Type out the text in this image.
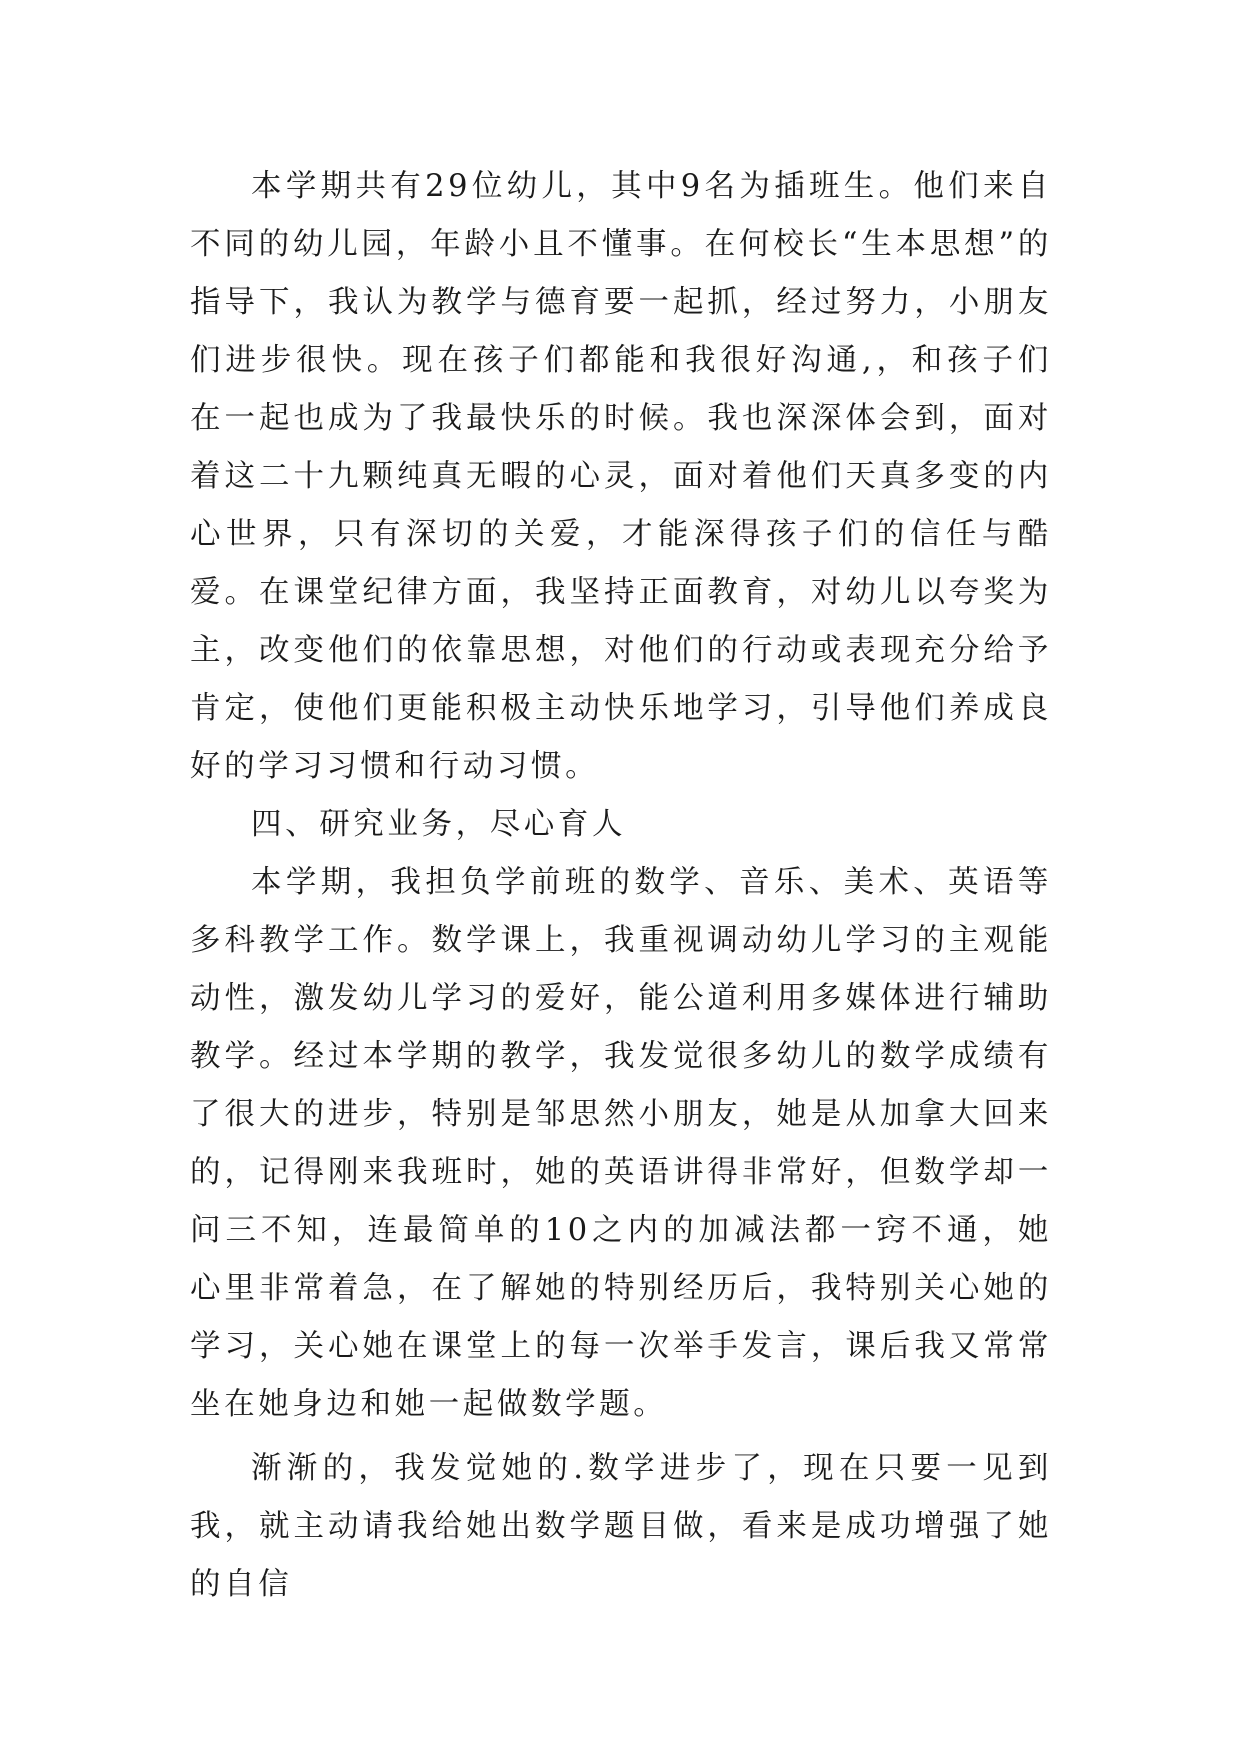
本学期共有29位幼儿，其中9名为插班生。他们来自不同的幼儿园，年龄小且不懂事。在何校长“生本思想”的指导下，我认为教学与德育要一起抓，经过努力，小朋友们进步很快。现在孩子们都能和我很好沟通,，和孩子们在一起也成为了我最快乐的时候。我也深深体会到，面对着这二十九颗纯真无暇的心灵，面对着他们天真多变的内心世界，只有深切的关爱，才能深得孩子们的信任与酷爱。在课堂纪律方面，我坚持正面教育，对幼儿以夸奖为主，改变他们的依靠思想，对他们的行动或表现充分给予肯定，使他们更能积极主动快乐地学习，引导他们养成良好的学习习惯和行动习惯。

四、研究业务，尽心育人

本学期，我担负学前班的数学、音乐、美术、英语等多科教学工作。数学课上，我重视调动幼儿学习的主观能动性，激发幼儿学习的爱好，能公道利用多媒体进行辅助教学。经过本学期的教学，我发觉很多幼儿的数学成绩有了很大的进步，特别是邹思然小朋友，她是从加拿大回来的，记得刚来我班时，她的英语讲得非常好，但数学却一问三不知，连最简单的10之内的加减法都一窍不通，她心里非常着急，在了解她的特别经历后，我特别关心她的学习，关心她在课堂上的每一次举手发言，课后我又常常坐在她身边和她一起做数学题。

渐渐的，我发觉她的.数学进步了，现在只要一见到我，就主动请我给她出数学题目做，看来是成功增强了她的自信
